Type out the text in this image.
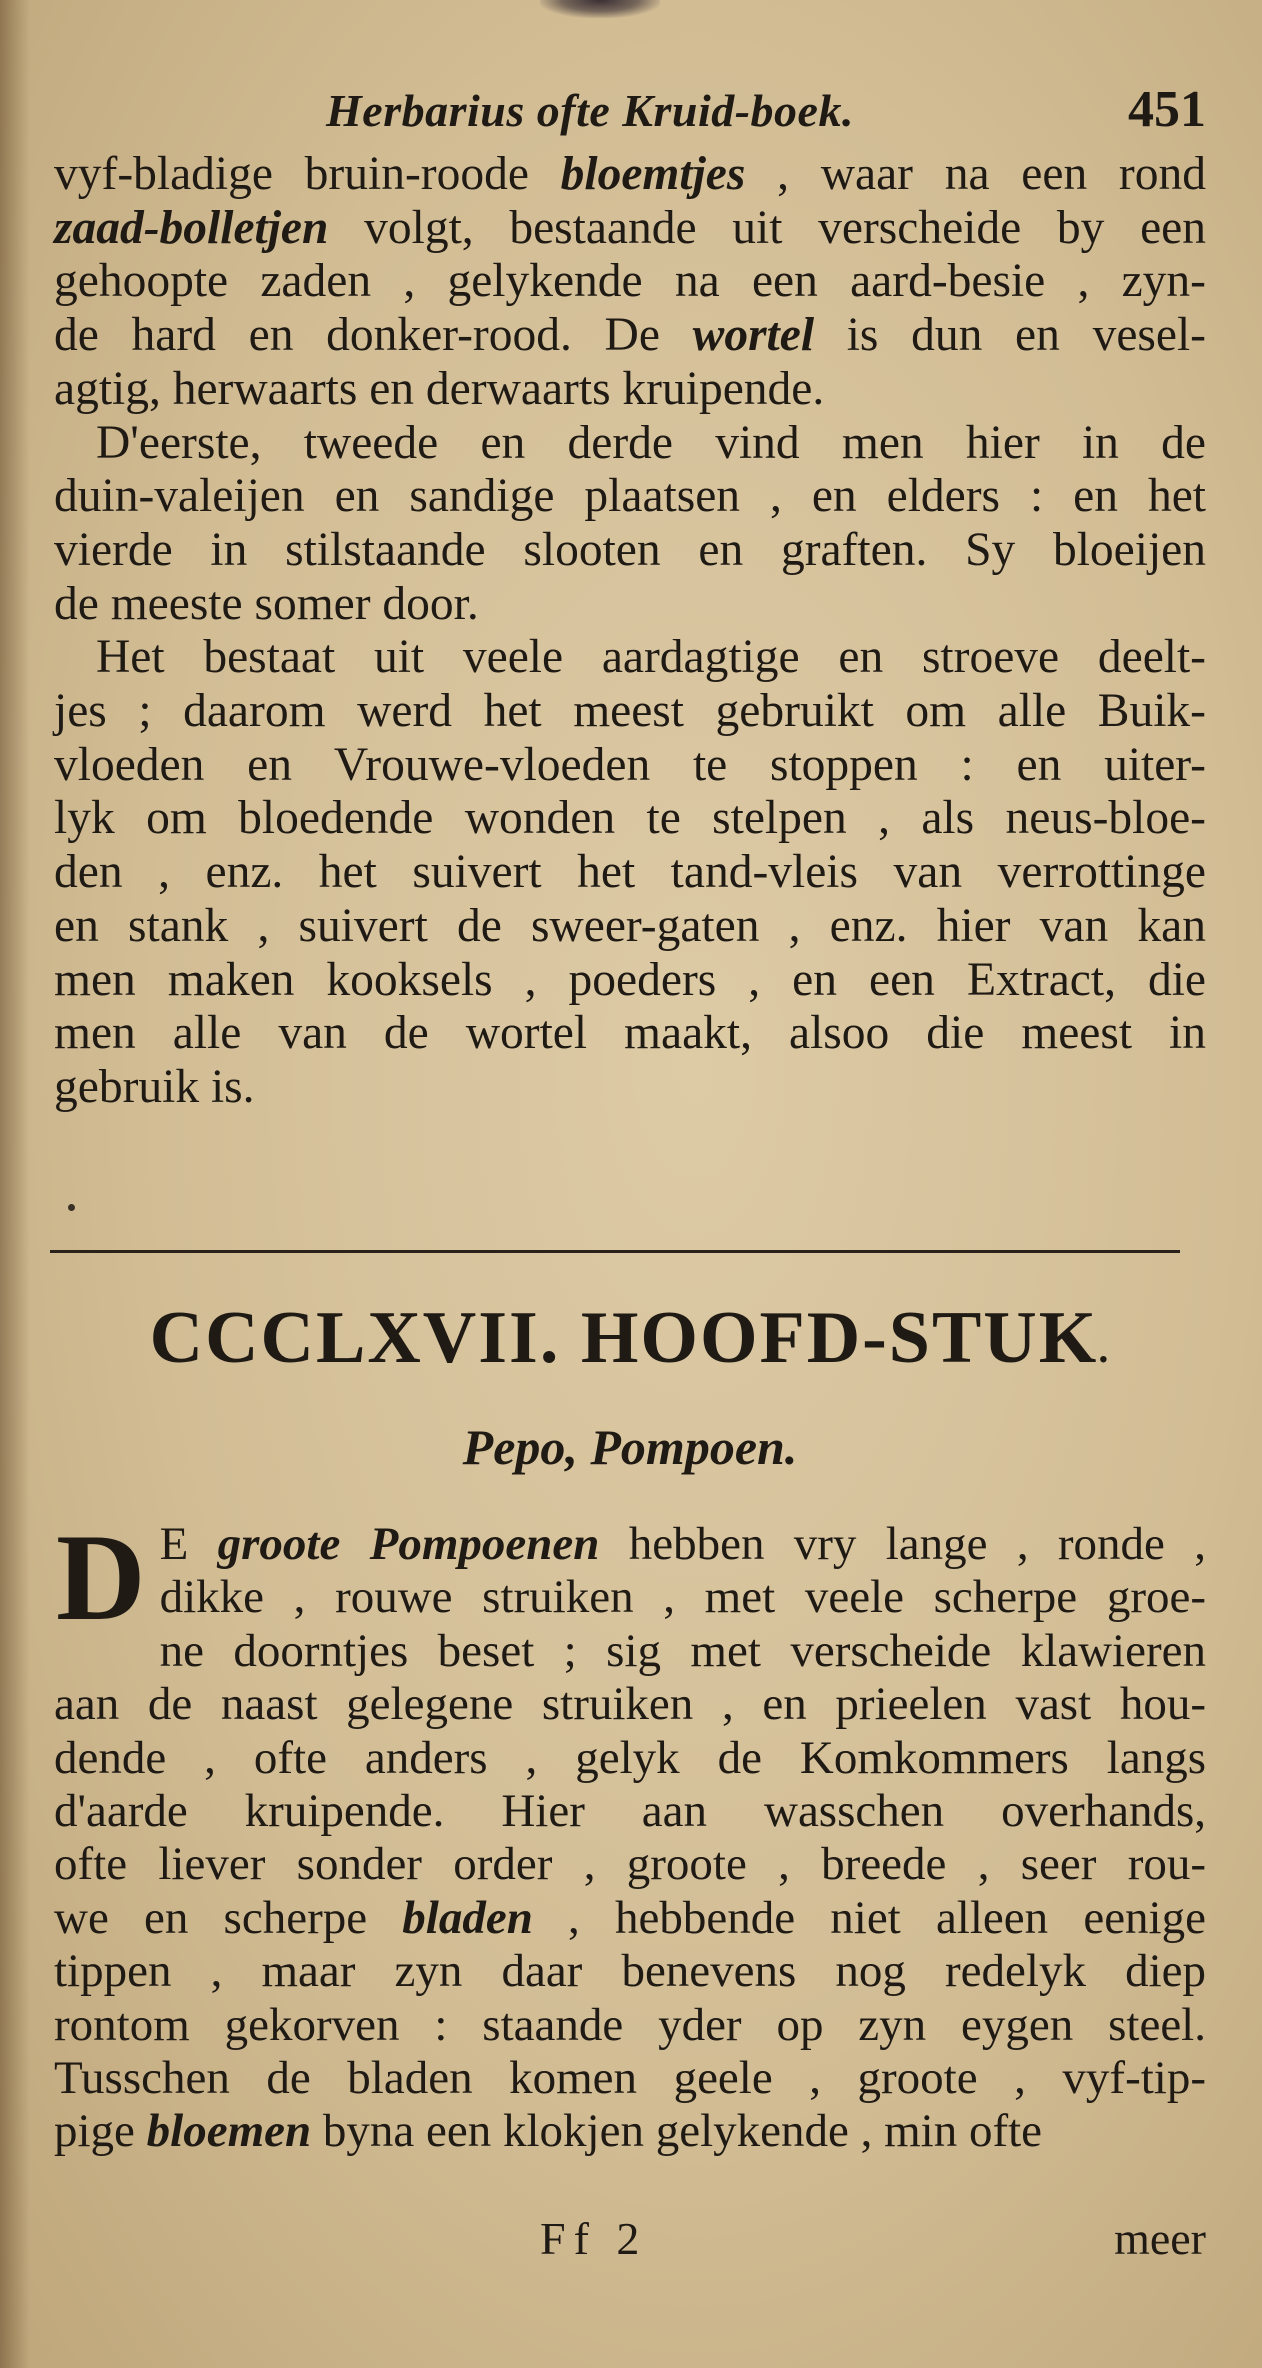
Herbarius ofte Kruid-boek.	451

vyf-bladige bruin-roode bloemtjes , waar na een rond
zaad-bolletjen volgt, bestaande uit verscheide by een
gehoopte zaden , gelykende na een aard-besie , zyn-
de hard en donker-rood. De wortel is dun en vesel-
agtig, herwaarts en derwaarts kruipende.

D'eerste, tweede en derde vind men hier in de
duin-valeijen en sandige plaatsen , en elders : en het
vierde in stilstaande slooten en graften. Sy bloeijen
de meeste somer door.

Het bestaat uit veele aardagtige en stroeve deelt-
jes ; daarom werd het meest gebruikt om alle Buik-
vloeden en Vrouwe-vloeden te stoppen : en uiter-
lyk om bloedende wonden te stelpen , als neus-bloe-
den , enz. het suivert het tand-vleis van verrottinge
en stank , suivert de sweer-gaten , enz. hier van kan
men maken kooksels , poeders , en een Extract, die
men alle van de wortel maakt, alsoo die meest in
gebruik is.

CCCLXVII. HOOFD-STUK.
Pepo, Pompoen.
D E groote Pompoenen hebben vry lange , ronde ,
dikke , rouwe struiken , met veele scherpe groe-
ne doorntjes beset ; sig met verscheide klawieren
aan de naast gelegene struiken , en prieelen vast hou-
dende , ofte anders , gelyk de Komkommers langs
d'aarde kruipende. Hier aan wasschen overhands,
ofte liever sonder order , groote , breede , seer rou-
we en scherpe bladen , hebbende niet alleen eenige
tippen , maar zyn daar benevens nog redelyk diep
rontom gekorven : staande yder op zyn eygen steel.
Tusschen de bladen komen geele , groote , vyf-tip-
pige bloemen byna een klokjen gelykende , min ofte
Ff 2	meer
